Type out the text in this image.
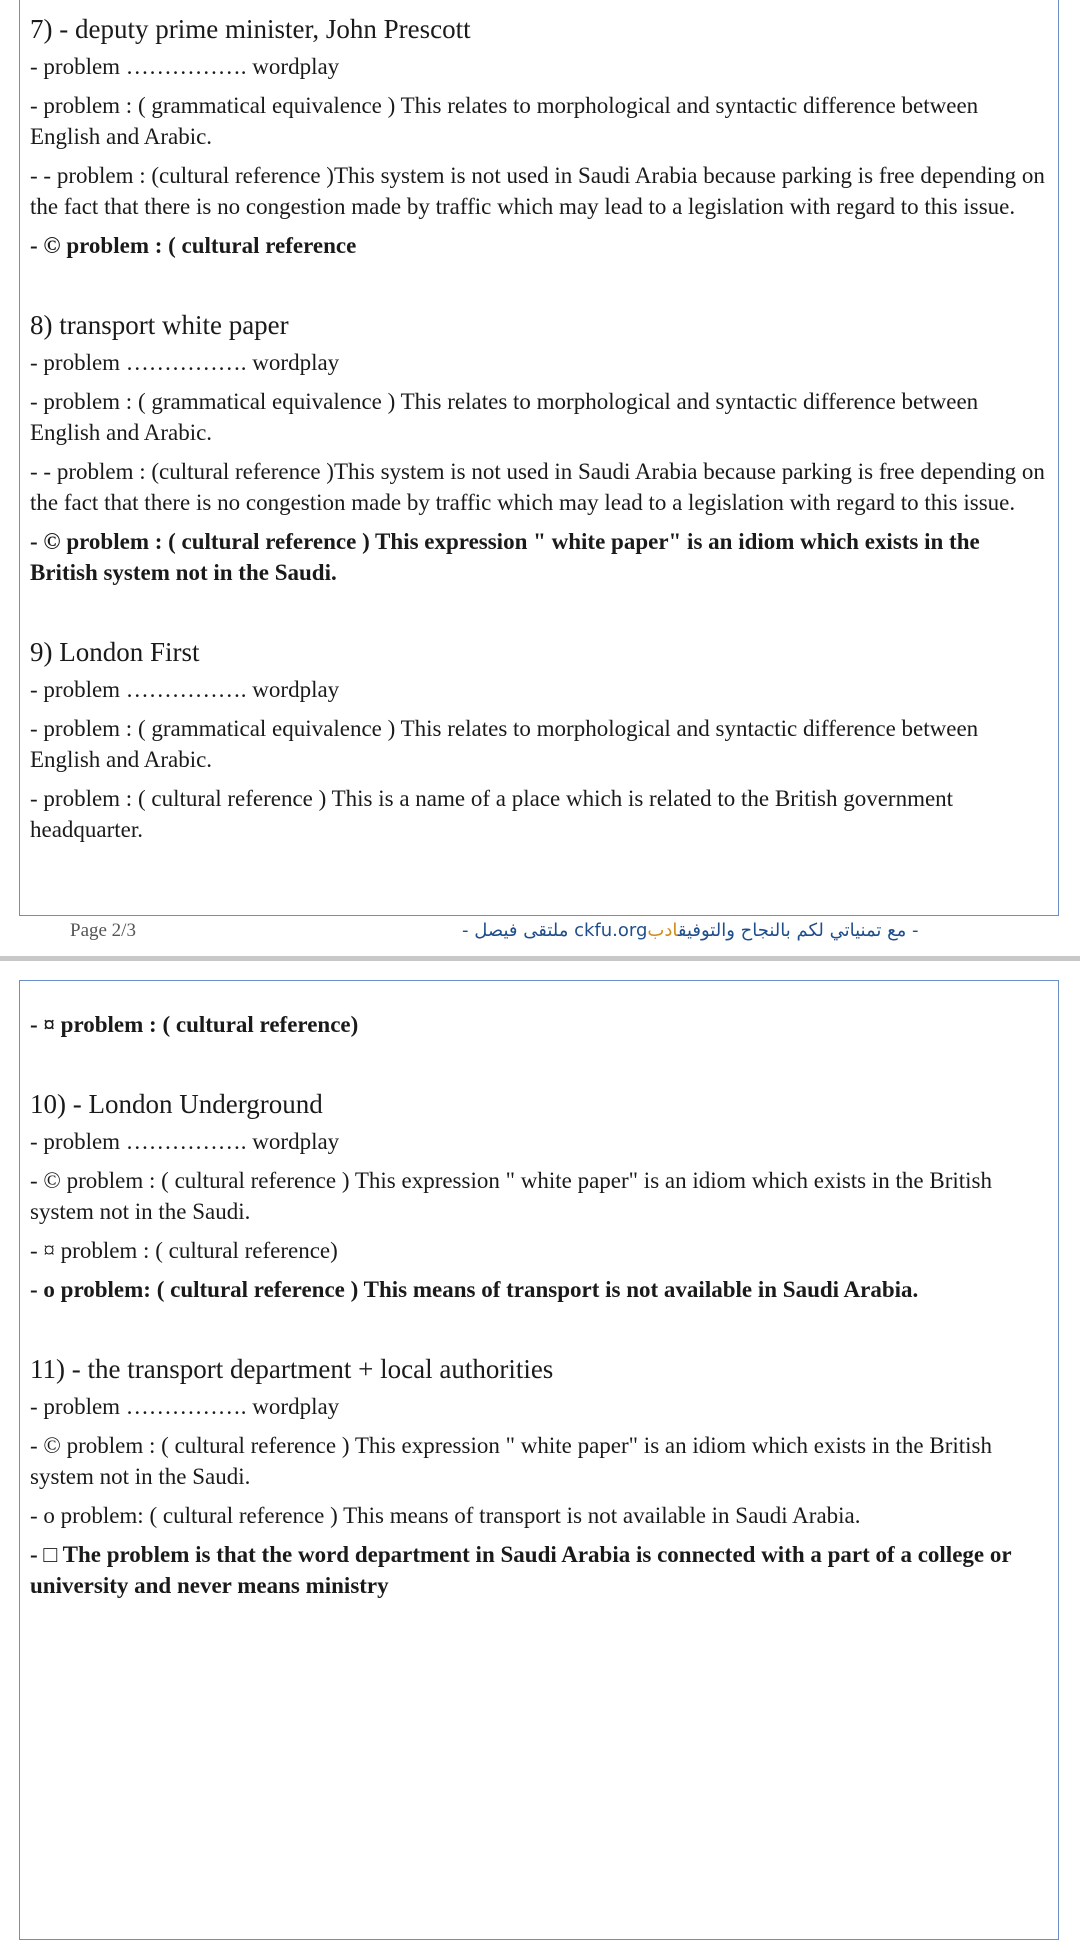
7) - deputy prime minister, John Prescott

- problem ……………. wordplay

- problem : ( grammatical equivalence ) This relates to morphological and syntactic difference between English and Arabic.

- - problem : (cultural reference )This system is not used in Saudi Arabia because parking is free depending on the fact that there is no congestion made by traffic which may lead to a legislation with regard to this issue.

- © problem : ( cultural reference

8) transport white paper

- problem ……………. wordplay

- problem : ( grammatical equivalence ) This relates to morphological and syntactic difference between English and Arabic.

- - problem : (cultural reference )This system is not used in Saudi Arabia because parking is free depending on the fact that there is no congestion made by traffic which may lead to a legislation with regard to this issue.

- © problem : ( cultural reference ) This expression " white paper" is an idiom which exists in the British system not in the Saudi.

9) London First

- problem ……………. wordplay

- problem : ( grammatical equivalence ) This relates to morphological and syntactic difference between English and Arabic.

- problem : ( cultural reference ) This is a name of a place which is related to the British government headquarter.

Page 2/3	- مع تمنياتي لكم بالنجاح والتوفيقادبckfu.org ملتقى فيصل -

- ¤ problem : ( cultural reference)

10) - London Underground

- problem ……………. wordplay

- © problem : ( cultural reference ) This expression " white paper" is an idiom which exists in the British system not in the Saudi.

- ¤ problem : ( cultural reference)

- o problem: ( cultural reference ) This means of transport is not available in Saudi Arabia.

11) - the transport department + local authorities

- problem ……………. wordplay

- © problem : ( cultural reference ) This expression " white paper" is an idiom which exists in the British system not in the Saudi.

- o problem: ( cultural reference ) This means of transport is not available in Saudi Arabia.

- □ The problem is that the word department in Saudi Arabia is connected with a part of a college or university and never means ministry
